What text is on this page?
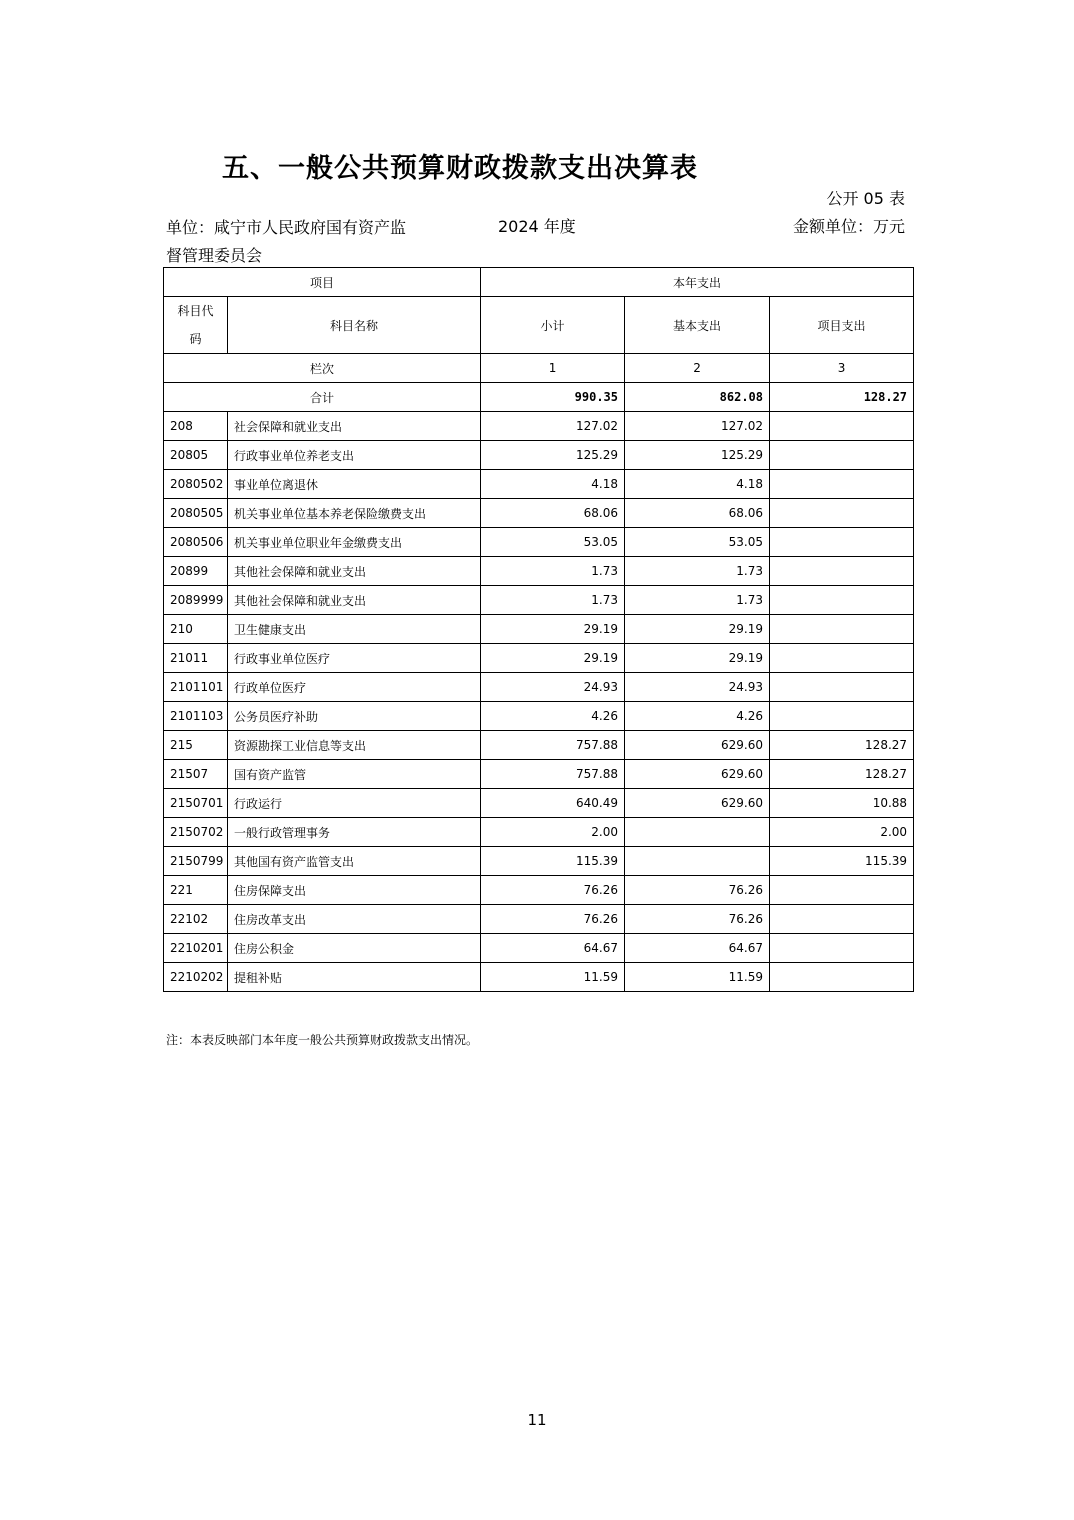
五、一般公共预算财政拨款支出决算表
公开 05 表
单位：咸宁市人民政府国有资产监
督管理委员会
2024 年度	金额单位：万元
项目		本年支出		
科目代码	科目名称	小计	基本支出	项目支出
栏次		1	2	3
合计		990.35	862.08	128.27
208	社会保障和就业支出	127.02	127.02	
20805	行政事业单位养老支出	125.29	125.29	
2080502	事业单位离退休	4.18	4.18	
2080505	机关事业单位基本养老保险缴费支出	68.06	68.06	
2080506	机关事业单位职业年金缴费支出	53.05	53.05	
20899	其他社会保障和就业支出	1.73	1.73	
2089999	其他社会保障和就业支出	1.73	1.73	
210	卫生健康支出	29.19	29.19	
21011	行政事业单位医疗	29.19	29.19	
2101101	行政单位医疗	24.93	24.93	
2101103	公务员医疗补助	4.26	4.26	
215	资源勘探工业信息等支出	757.88	629.60	128.27
21507	国有资产监管	757.88	629.60	128.27
2150701	行政运行	640.49	629.60	10.88
2150702	一般行政管理事务	2.00		2.00
2150799	其他国有资产监管支出	115.39		115.39
221	住房保障支出	76.26	76.26	
22102	住房改革支出	76.26	76.26	
2210201	住房公积金	64.67	64.67	
2210202	提租补贴	11.59	11.59	
注：本表反映部门本年度一般公共预算财政拨款支出情况。
11
